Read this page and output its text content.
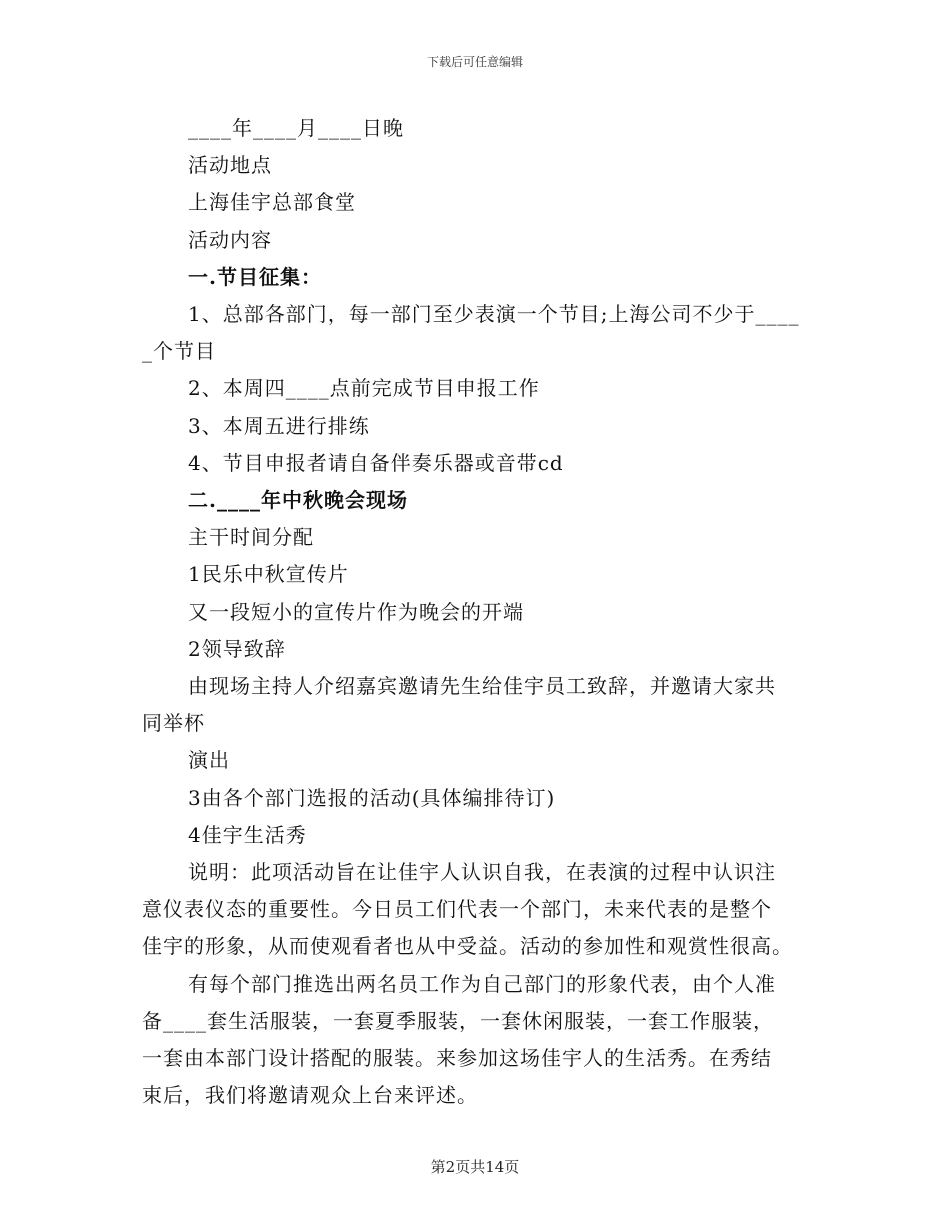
下载后可任意编辑

____年____月____日晚

活动地点

上海佳宇总部食堂

活动内容

一.节目征集：

1、总部各部门，每一部门至少表演一个节目;上海公司不少于____

_个节目

2、本周四____点前完成节目申报工作

3、本周五进行排练

4、节目申报者请自备伴奏乐器或音带cd

二.____年中秋晚会现场

主干时间分配

1民乐中秋宣传片

又一段短小的宣传片作为晚会的开端

2领导致辞

由现场主持人介绍嘉宾邀请先生给佳宇员工致辞，并邀请大家共

同举杯

演出

3由各个部门选报的活动(具体编排待订)

4佳宇生活秀

说明：此项活动旨在让佳宇人认识自我，在表演的过程中认识注

意仪表仪态的重要性。今日员工们代表一个部门，未来代表的是整个

佳宇的形象，从而使观看者也从中受益。活动的参加性和观赏性很高。

有每个部门推选出两名员工作为自己部门的形象代表，由个人准

备____套生活服装，一套夏季服装，一套休闲服装，一套工作服装，

一套由本部门设计搭配的服装。来参加这场佳宇人的生活秀。在秀结

束后，我们将邀请观众上台来评述。

第2页共14页
